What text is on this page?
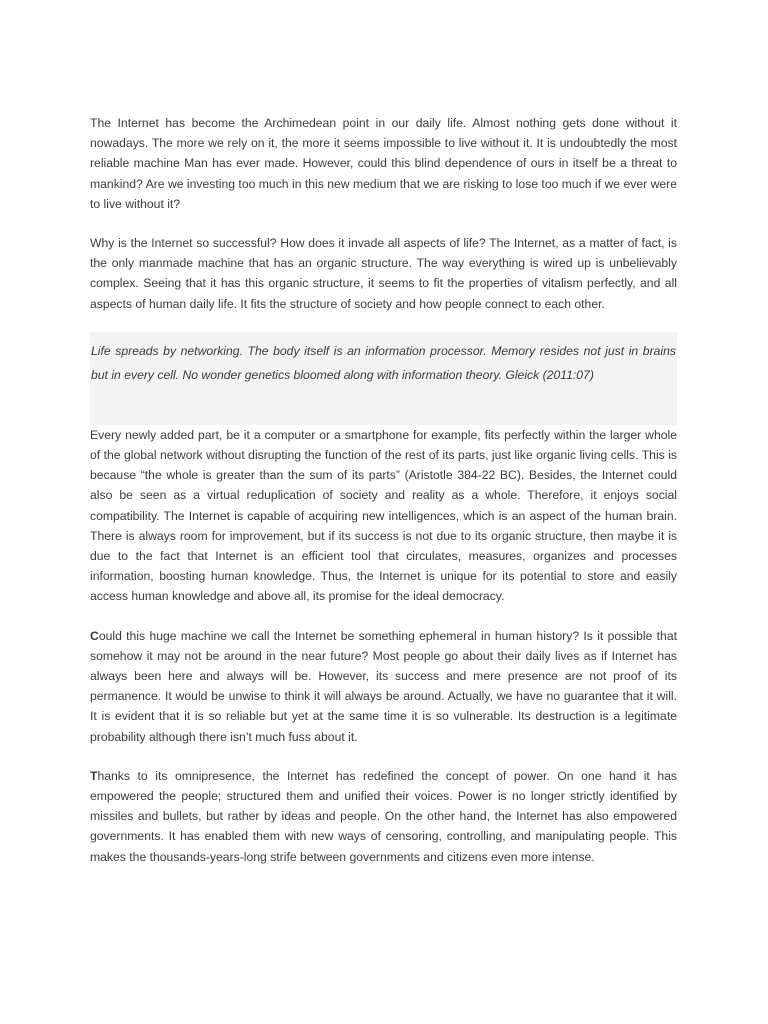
The Internet has become the Archimedean point in our daily life. Almost nothing gets done without it nowadays. The more we rely on it, the more it seems impossible to live without it. It is undoubtedly the most reliable machine Man has ever made. However, could this blind dependence of ours in itself be a threat to mankind? Are we investing too much in this new medium that we are risking to lose too much if we ever were to live without it?

Why is the Internet so successful? How does it invade all aspects of life? The Internet, as a matter of fact, is the only manmade machine that has an organic structure. The way everything is wired up is unbelievably complex. Seeing that it has this organic structure, it seems to fit the properties of vitalism perfectly, and all aspects of human daily life. It fits the structure of society and how people connect to each other.

Life spreads by networking. The body itself is an information processor. Memory resides not just in brains but in every cell. No wonder genetics bloomed along with information theory. Gleick (2011:07)

Every newly added part, be it a computer or a smartphone for example, fits perfectly within the larger whole of the global network without disrupting the function of the rest of its parts, just like organic living cells. This is because “the whole is greater than the sum of its parts” (Aristotle 384-22 BC). Besides, the Internet could also be seen as a virtual reduplication of society and reality as a whole. Therefore, it enjoys social compatibility. The Internet is capable of acquiring new intelligences, which is an aspect of the human brain. There is always room for improvement, but if its success is not due to its organic structure, then maybe it is due to the fact that Internet is an efficient tool that circulates, measures, organizes and processes information, boosting human knowledge. Thus, the Internet is unique for its potential to store and easily access human knowledge and above all, its promise for the ideal democracy.

Could this huge machine we call the Internet be something ephemeral in human history? Is it possible that somehow it may not be around in the near future? Most people go about their daily lives as if Internet has always been here and always will be. However, its success and mere presence are not proof of its permanence. It would be unwise to think it will always be around. Actually, we have no guarantee that it will. It is evident that it is so reliable but yet at the same time it is so vulnerable. Its destruction is a legitimate probability although there isn’t much fuss about it.

Thanks to its omnipresence, the Internet has redefined the concept of power. On one hand it has empowered the people; structured them and unified their voices. Power is no longer strictly identified by missiles and bullets, but rather by ideas and people. On the other hand, the Internet has also empowered governments. It has enabled them with new ways of censoring, controlling, and manipulating people. This makes the thousands-years-long strife between governments and citizens even more intense.
